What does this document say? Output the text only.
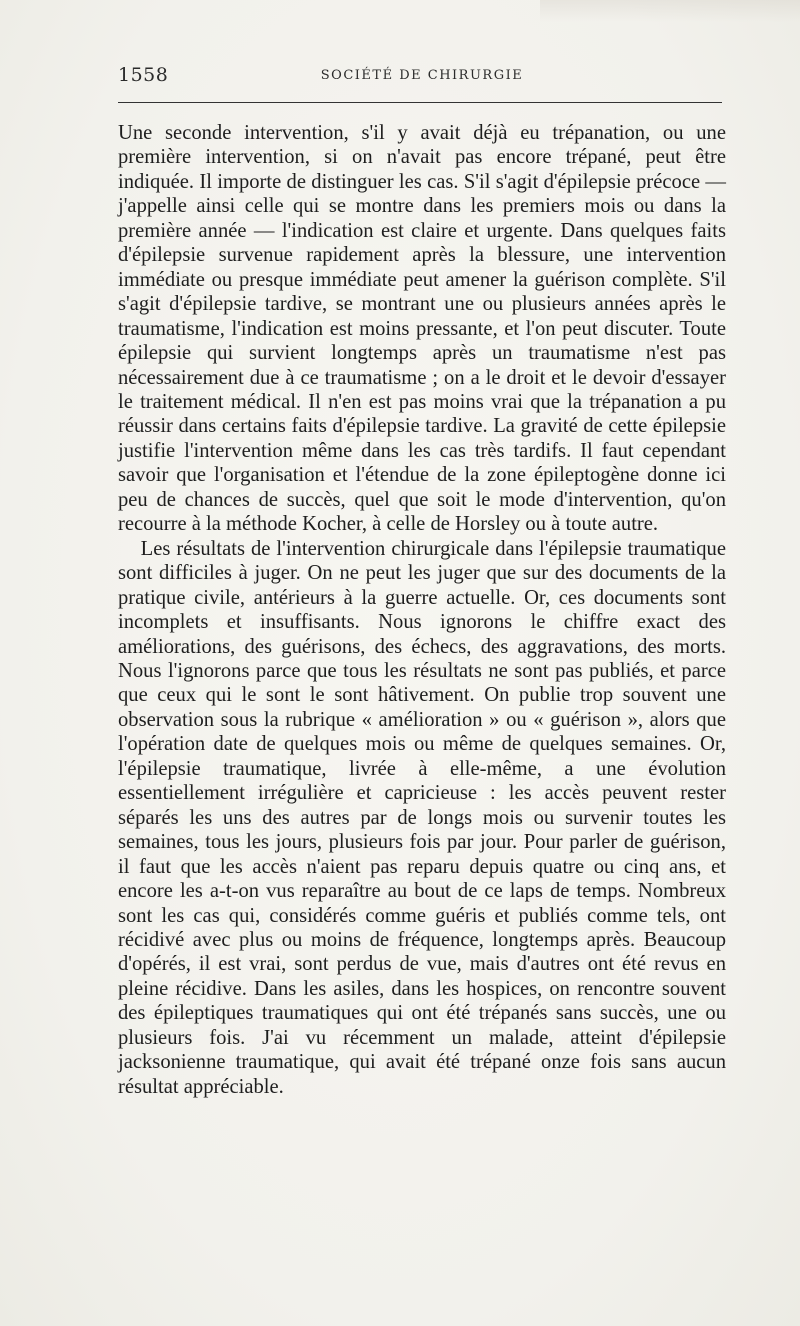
1558	SOCIÉTÉ DE CHIRURGIE

Une seconde intervention, s'il y avait déjà eu trépanation, ou une première intervention, si on n'avait pas encore trépané, peut être indiquée. Il importe de distinguer les cas. S'il s'agit d'épilepsie précoce — j'appelle ainsi celle qui se montre dans les premiers mois ou dans la première année — l'indication est claire et urgente. Dans quelques faits d'épilepsie survenue rapidement après la blessure, une intervention immédiate ou presque immédiate peut amener la guérison complète. S'il s'agit d'épilepsie tardive, se montrant une ou plusieurs années après le traumatisme, l'indication est moins pressante, et l'on peut discuter. Toute épilepsie qui survient longtemps après un traumatisme n'est pas nécessairement due à ce traumatisme ; on a le droit et le devoir d'essayer le traitement médical. Il n'en est pas moins vrai que la trépanation a pu réussir dans certains faits d'épilepsie tardive. La gravité de cette épilepsie justifie l'intervention même dans les cas très tardifs. Il faut cependant savoir que l'organisation et l'étendue de la zone épileptogène donne ici peu de chances de succès, quel que soit le mode d'intervention, qu'on recourre à la méthode Kocher, à celle de Horsley ou à toute autre.

Les résultats de l'intervention chirurgicale dans l'épilepsie traumatique sont difficiles à juger. On ne peut les juger que sur des documents de la pratique civile, antérieurs à la guerre actuelle. Or, ces documents sont incomplets et insuffisants. Nous ignorons le chiffre exact des améliorations, des guérisons, des échecs, des aggravations, des morts. Nous l'ignorons parce que tous les résultats ne sont pas publiés, et parce que ceux qui le sont le sont hâtivement. On publie trop souvent une observation sous la rubrique « amélioration » ou « guérison », alors que l'opération date de quelques mois ou même de quelques semaines. Or, l'épilepsie traumatique, livrée à elle-même, a une évolution essentiellement irrégulière et capricieuse : les accès peuvent rester séparés les uns des autres par de longs mois ou survenir toutes les semaines, tous les jours, plusieurs fois par jour. Pour parler de guérison, il faut que les accès n'aient pas reparu depuis quatre ou cinq ans, et encore les a-t-on vus reparaître au bout de ce laps de temps. Nombreux sont les cas qui, considérés comme guéris et publiés comme tels, ont récidivé avec plus ou moins de fréquence, longtemps après. Beaucoup d'opérés, il est vrai, sont perdus de vue, mais d'autres ont été revus en pleine récidive. Dans les asiles, dans les hospices, on rencontre souvent des épileptiques traumatiques qui ont été trépanés sans succès, une ou plusieurs fois. J'ai vu récemment un malade, atteint d'épilepsie jacksonienne traumatique, qui avait été trépané onze fois sans aucun résultat appréciable.
